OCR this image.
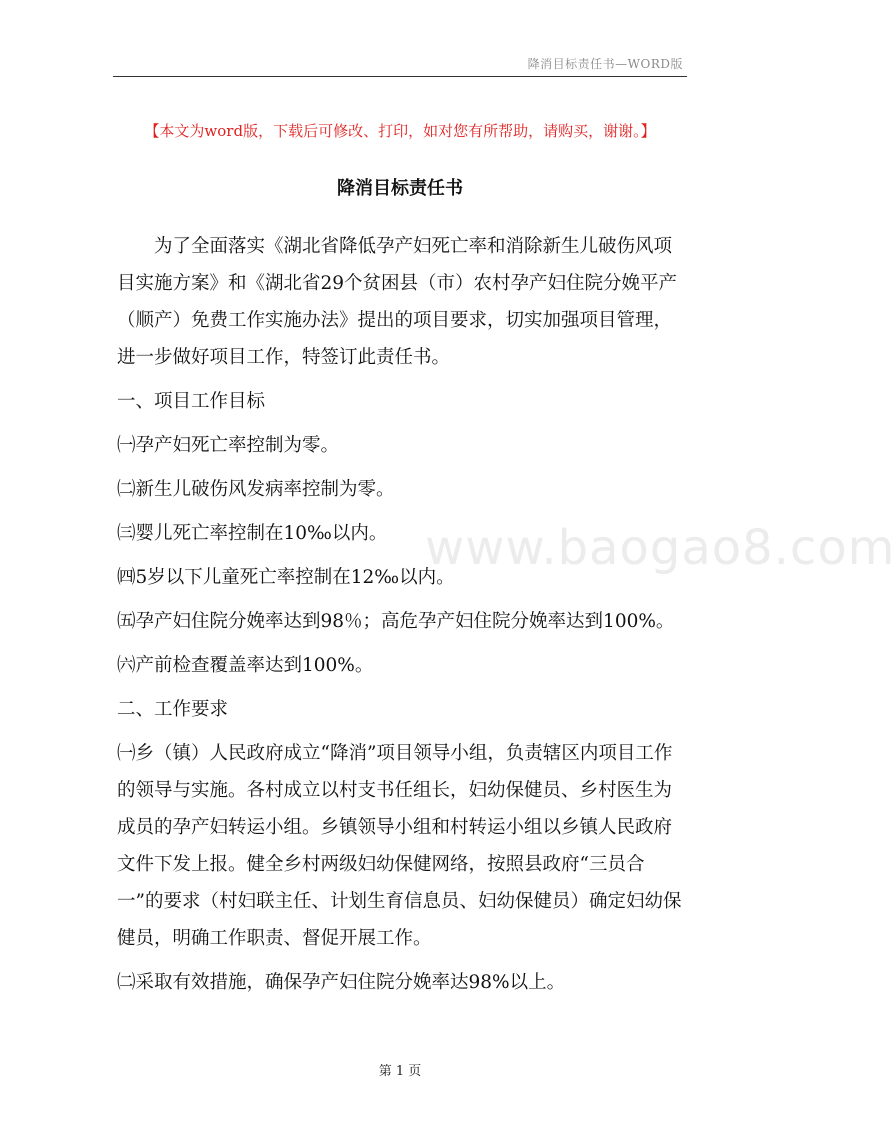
降消目标责任书—WORD版
【本文为word版，下载后可修改、打印，如对您有所帮助，请购买，谢谢。】
降消目标责任书
www.baogao8.com

为了全面落实《湖北省降低孕产妇死亡率和消除新生儿破伤风项目实施方案》和《湖北省29个贫困县（市）农村孕产妇住院分娩平产（顺产）免费工作实施办法》提出的项目要求，切实加强项目管理，进一步做好项目工作，特签订此责任书。

一、项目工作目标

㈠孕产妇死亡率控制为零。

㈡新生儿破伤风发病率控制为零。

㈢婴儿死亡率控制在10‰以内。

㈣5岁以下儿童死亡率控制在12‰以内。

㈤孕产妇住院分娩率达到98％；高危孕产妇住院分娩率达到100%。

㈥产前检查覆盖率达到100%。

二、工作要求

㈠乡（镇）人民政府成立“降消”项目领导小组，负责辖区内项目工作的领导与实施。各村成立以村支书任组长，妇幼保健员、乡村医生为成员的孕产妇转运小组。乡镇领导小组和村转运小组以乡镇人民政府文件下发上报。健全乡村两级妇幼保健网络，按照县政府“三员合一”的要求（村妇联主任、计划生育信息员、妇幼保健员）确定妇幼保健员，明确工作职责、督促开展工作。

㈡采取有效措施，确保孕产妇住院分娩率达98%以上。

第 1 页
